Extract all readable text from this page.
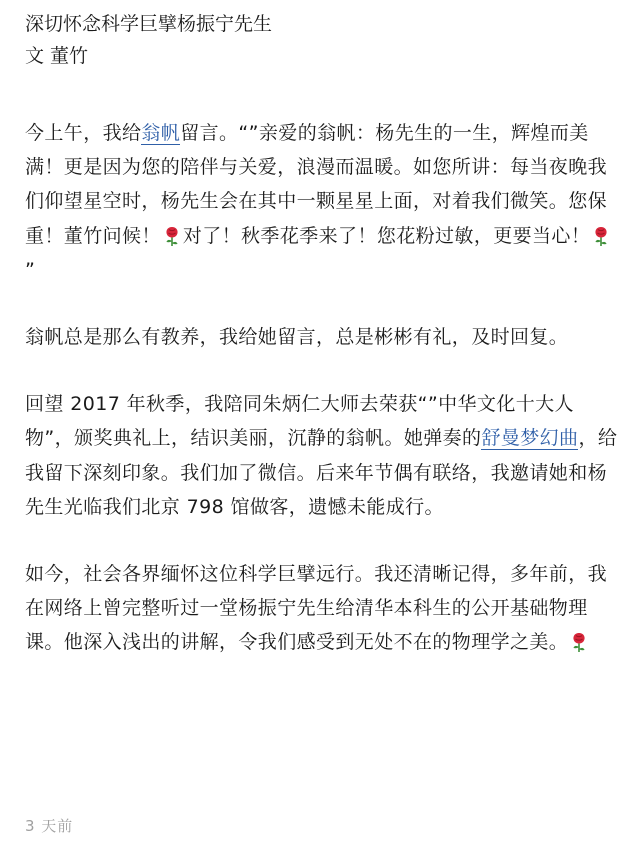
深切怀念科学巨擘杨振宁先生

文 董竹

今上午，我给翁帆留言。“”亲爱的翁帆：杨先生的一生，辉煌而美满！更是因为您的陪伴与关爱，浪漫而温暖。如您所讲：每当夜晚我们仰望星空时，杨先生会在其中一颗星星上面，对着我们微笑。您保重！董竹问候！ 对了！秋季花季来了！您花粉过敏，更要当心！”

翁帆总是那么有教养，我给她留言，总是彬彬有礼，及时回复。

回望 2017 年秋季，我陪同朱炳仁大师去荣获“”中华文化十大人物”，颁奖典礼上，结识美丽，沉静的翁帆。她弹奏的舒曼梦幻曲，给我留下深刻印象。我们加了微信。后来年节偶有联络，我邀请她和杨先生光临我们北京 798 馆做客，遗憾未能成行。

如今，社会各界缅怀这位科学巨擘远行。我还清晰记得，多年前，我在网络上曾完整听过一堂杨振宁先生给清华本科生的公开基础物理课。他深入浅出的讲解，令我们感受到无处不在的物理学之美。

3 天前
